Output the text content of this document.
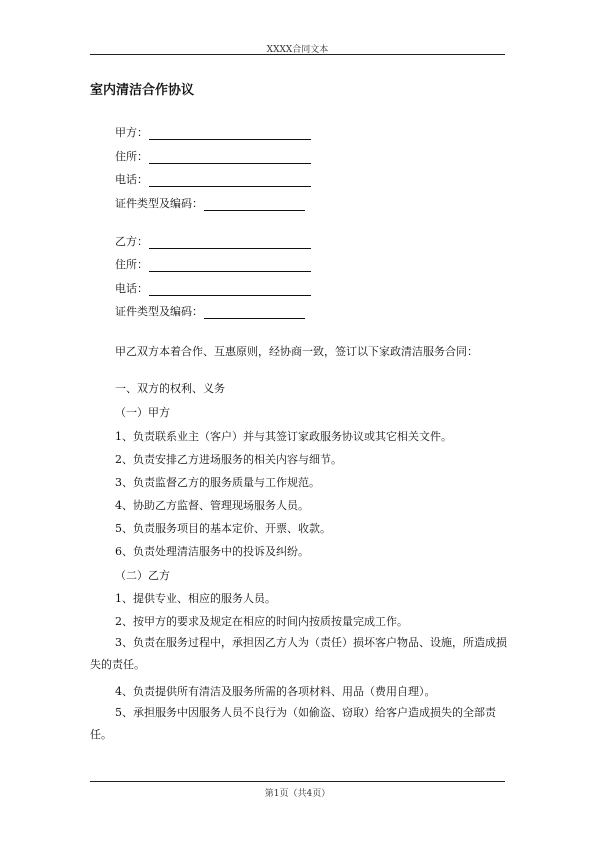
XXXX合同文本
室内清洁合作协议
甲方：
住所：
电话：
证件类型及编码：
乙方：
住所：
电话：
证件类型及编码：
甲乙双方本着合作、互惠原则，经协商一致，签订以下家政清洁服务合同：
一、双方的权利、义务
（一）甲方
1、负责联系业主（客户）并与其签订家政服务协议或其它相关文件。
2、负责安排乙方进场服务的相关内容与细节。
3、负责监督乙方的服务质量与工作规范。
4、协助乙方监督、管理现场服务人员。
5、负责服务项目的基本定价、开票、收款。
6、负责处理清洁服务中的投诉及纠纷。
（二）乙方
1、提供专业、相应的服务人员。
2、按甲方的要求及规定在相应的时间内按质按量完成工作。
3、负责在服务过程中，承担因乙方人为（责任）损坏客户物品、设施，所造成损失的责任。
4、负责提供所有清洁及服务所需的各项材料、用品（费用自理）。
5、承担服务中因服务人员不良行为（如偷盗、窃取）给客户造成损失的全部责任。
第1页（共4页）
